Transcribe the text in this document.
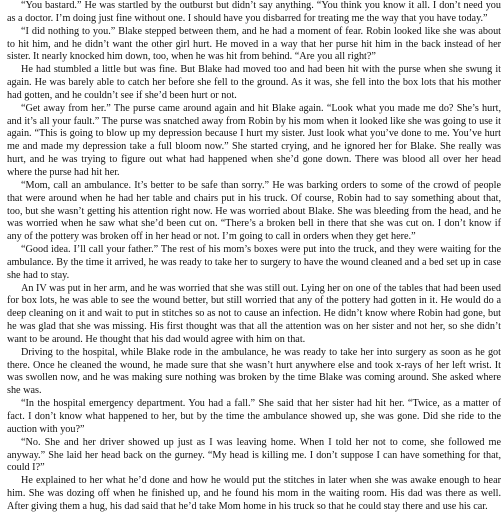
“You bastard.” He was startled by the outburst but didn’t say anything. “You think you know it all. I don’t need you as a doctor. I’m doing just fine without one. I should have you disbarred for treating me the way that you have today.”

“I did nothing to you.” Blake stepped between them, and he had a moment of fear. Robin looked like she was about to hit him, and he didn’t want the other girl hurt. He moved in a way that her purse hit him in the back instead of her sister. It nearly knocked him down, too, when he was hit from behind. “Are you all right?”

He had stumbled a little but was fine. But Blake had moved too and had been hit with the purse when she swung it again. He was barely able to catch her before she fell to the ground. As it was, she fell into the box lots that his mother had gotten, and he couldn’t see if she’d been hurt or not.

“Get away from her.” The purse came around again and hit Blake again. “Look what you made me do? She’s hurt, and it’s all your fault.” The purse was snatched away from Robin by his mom when it looked like she was going to use it again. “This is going to blow up my depression because I hurt my sister. Just look what you’ve done to me. You’ve hurt me and made my depression take a full bloom now.” She started crying, and he ignored her for Blake. She really was hurt, and he was trying to figure out what had happened when she’d gone down. There was blood all over her head where the purse had hit her.

“Mom, call an ambulance. It’s better to be safe than sorry.” He was barking orders to some of the crowd of people that were around when he had her table and chairs put in his truck. Of course, Robin had to say something about that, too, but she wasn’t getting his attention right now. He was worried about Blake. She was bleeding from the head, and he was worried when he saw what she’d been cut on. “There’s a broken bell in there that she was cut on. I don’t know if any of the pottery was broken off in her head or not. I’m going to call in orders when they get here.”

“Good idea. I’ll call your father.” The rest of his mom’s boxes were put into the truck, and they were waiting for the ambulance. By the time it arrived, he was ready to take her to surgery to have the wound cleaned and a bed set up in case she had to stay.

An IV was put in her arm, and he was worried that she was still out. Lying her on one of the tables that had been used for box lots, he was able to see the wound better, but still worried that any of the pottery had gotten in it. He would do a deep cleaning on it and wait to put in stitches so as not to cause an infection. He didn’t know where Robin had gone, but he was glad that she was missing. His first thought was that all the attention was on her sister and not her, so she didn’t want to be around. He thought that his dad would agree with him on that.

Driving to the hospital, while Blake rode in the ambulance, he was ready to take her into surgery as soon as he got there. Once he cleaned the wound, he made sure that she wasn’t hurt anywhere else and took x-rays of her left wrist. It was swollen now, and he was making sure nothing was broken by the time Blake was coming around. She asked where she was.

“In the hospital emergency department. You had a fall.” She said that her sister had hit her. “Twice, as a matter of fact. I don’t know what happened to her, but by the time the ambulance showed up, she was gone. Did she ride to the auction with you?”

“No. She and her driver showed up just as I was leaving home. When I told her not to come, she followed me anyway.” She laid her head back on the gurney. “My head is killing me. I don’t suppose I can have something for that, could I?”

He explained to her what he’d done and how he would put the stitches in later when she was awake enough to hear him. She was dozing off when he finished up, and he found his mom in the waiting room. His dad was there as well. After giving them a hug, his dad said that he’d take Mom home in his truck so that he could stay there and use his car.
